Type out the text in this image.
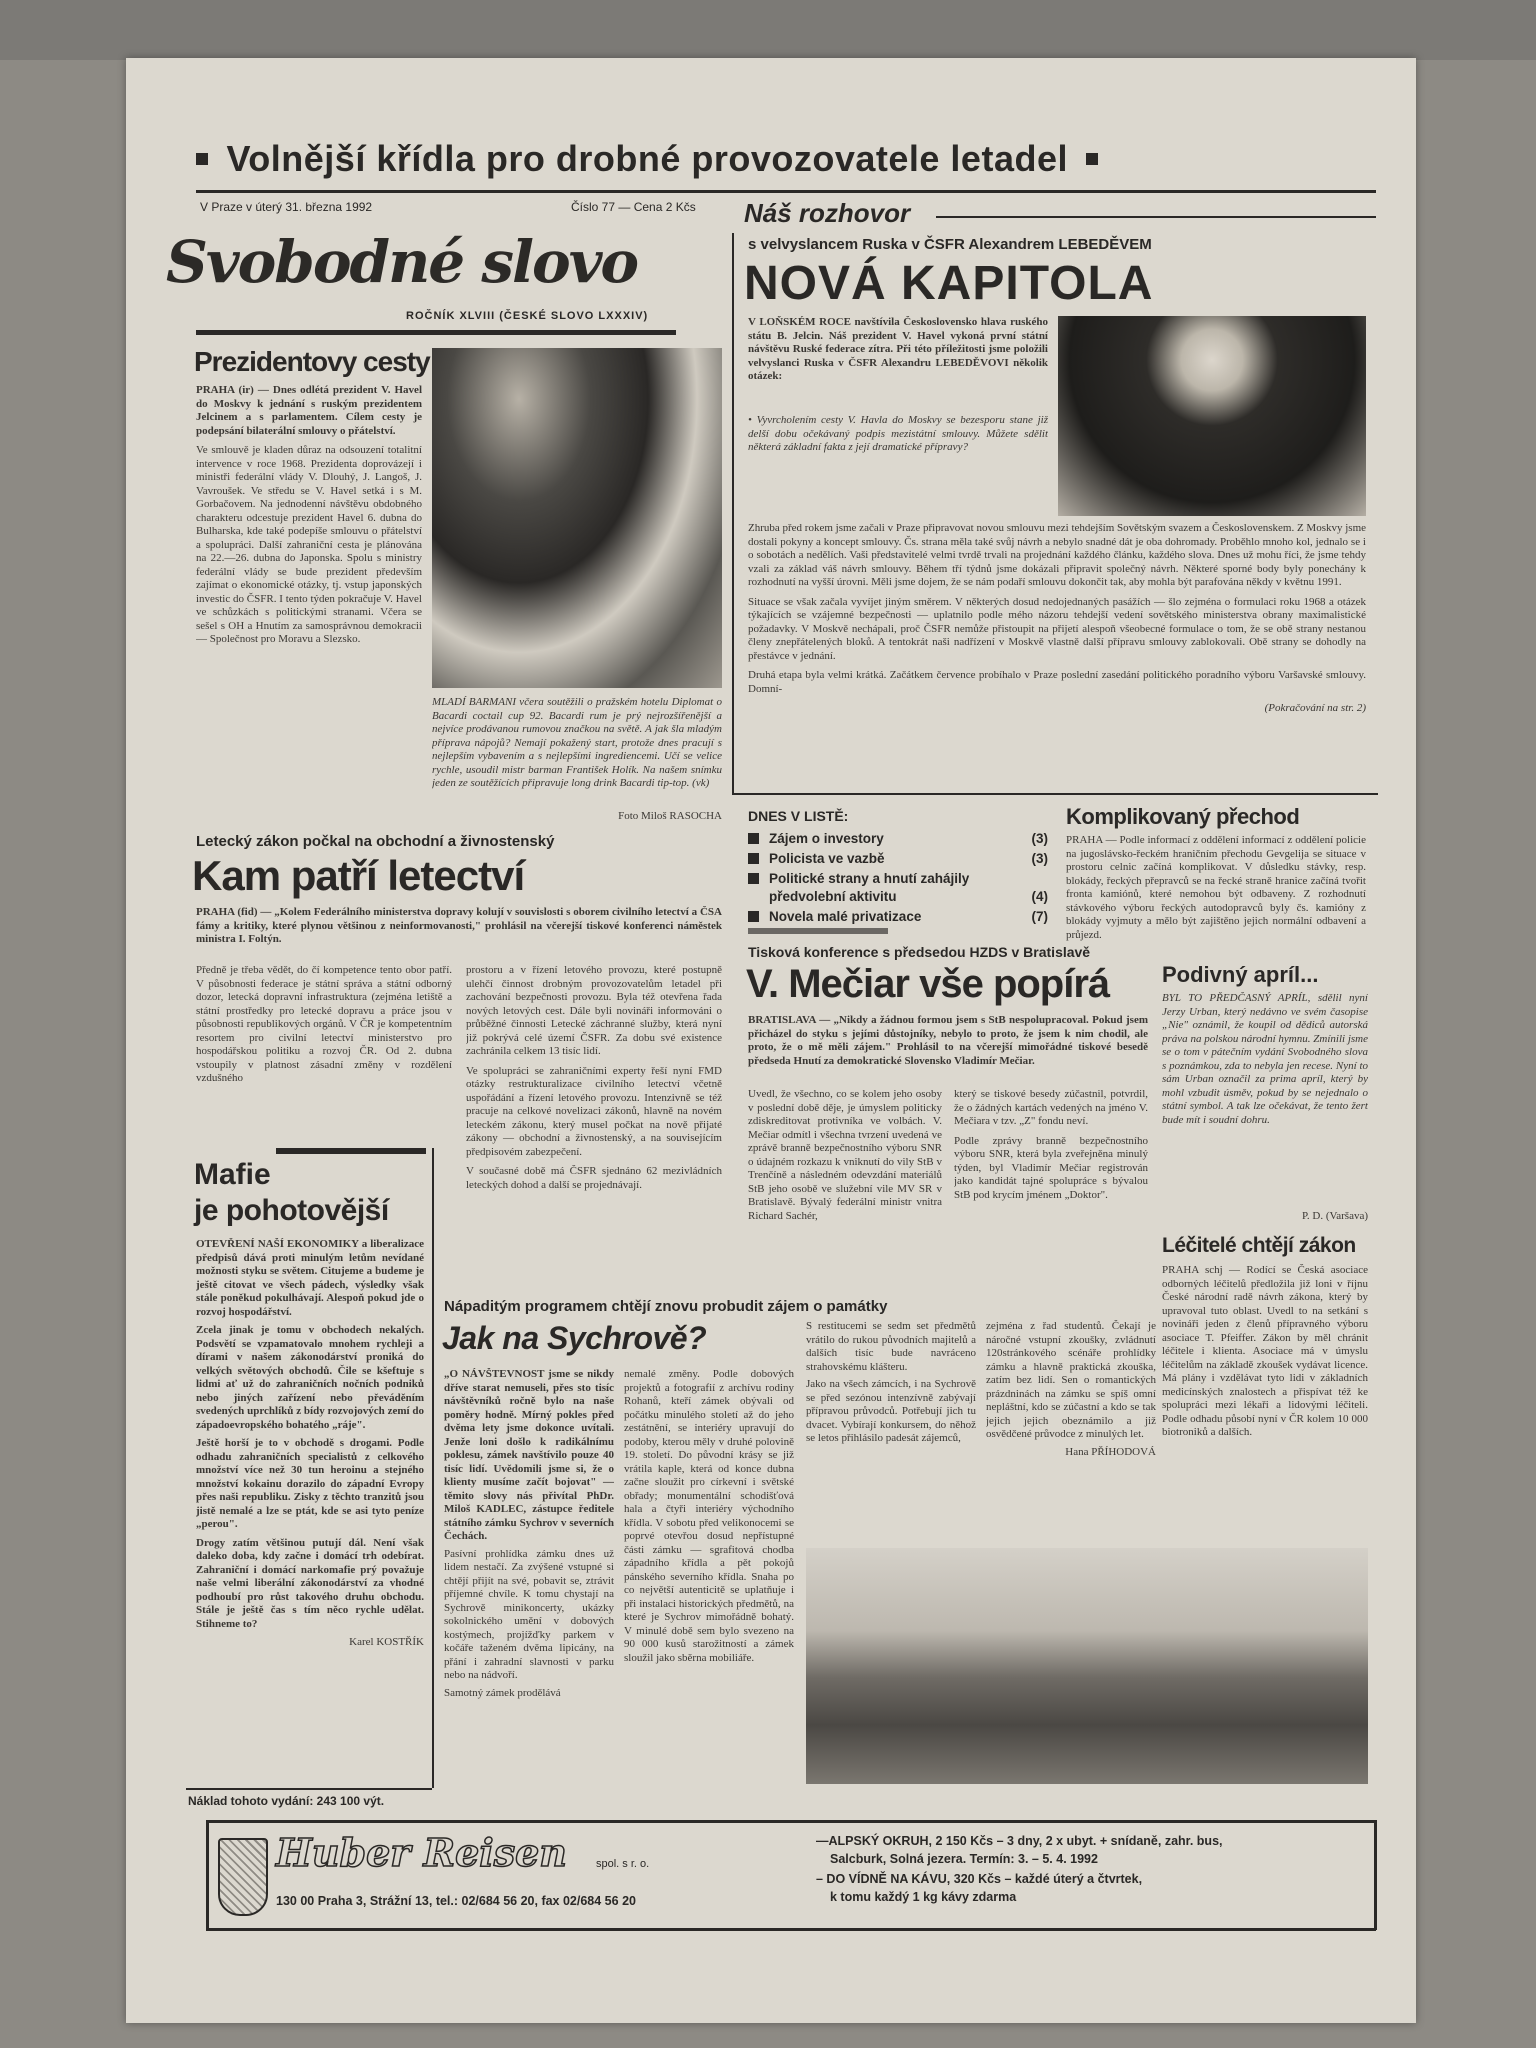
Volnější křídla pro drobné provozovatele letadel
V Praze v úterý 31. března 1992	Číslo 77 — Cena 2 Kčs
Svobodné slovo
ROČNÍK XLVIII (ČESKÉ SLOVO LXXXIV)
Náš rozhovor
s velvyslancem Ruska v ČSFR Alexandrem LEBEDĚVEM
NOVÁ KAPITOLA
V LOŇSKÉM ROCE navštívila Československo hlava ruského státu B. Jelcin. Náš prezident V. Havel vykoná první státní návštěvu Ruské federace zítra. Při této příležitosti jsme položili velvyslanci Ruska v ČSFR Alexandru LEBEDĚVOVI několik otázek:
• Vyvrcholením cesty V. Havla do Moskvy se bezesporu stane již delší dobu očekávaný podpis mezistátní smlouvy. Můžete sdělit některá základní fakta z její dramatické přípravy?
Zhruba před rokem jsme začali v Praze připravovat novou smlouvu mezi tehdejším Sovětským svazem a Československem. Z Moskvy jsme dostali pokyny a koncept smlouvy. Čs. strana měla také svůj návrh a nebylo snadné dát je oba dohromady. Proběhlo mnoho kol, jednalo se i o sobotách a nedělích. Vaši představitelé velmi tvrdě trvali na projednání každého článku, každého slova. Dnes už mohu říci, že jsme tehdy vzali za základ váš návrh smlouvy. Během tří týdnů jsme dokázali připravit společný návrh. Některé sporné body byly ponechány k rozhodnutí na vyšší úrovni. Měli jsme dojem, že se nám podaří smlouvu dokončit tak, aby mohla být parafována někdy v květnu 1991.
Situace se však začala vyvíjet jiným směrem. V některých dosud nedojednaných pasážích — šlo zejména o formulaci roku 1968 a otázek týkajících se vzájemné bezpečnosti — uplatnilo podle mého názoru tehdejší vedení sovětského ministerstva obrany maximalistické požadavky. V Moskvě nechápali, proč ČSFR nemůže přistoupit na přijetí alespoň všeobecné formulace o tom, že se obě strany nestanou členy znepřátelených bloků. A tentokrát naši nadřízení v Moskvě vlastně další přípravu smlouvy zablokovali. Obě strany se dohodly na přestávce v jednání.
Druhá etapa byla velmi krátká. Začátkem července probíhalo v Praze poslední zasedání politického poradního výboru Varšavské smlouvy. Domní-
(Pokračování na str. 2)
Prezidentovy cesty
PRAHA (ir) — Dnes odlétá prezident V. Havel do Moskvy k jednání s ruským prezidentem Jelcinem a s parlamentem. Cílem cesty je podepsání bilaterální smlouvy o přátelství.
Ve smlouvě je kladen důraz na odsouzení totalitní intervence v roce 1968. Prezidenta doprovázejí i ministři federální vlády V. Dlouhý, J. Langoš, J. Vavroušek. Ve středu se V. Havel setká i s M. Gorbačovem. Na jednodenní návštěvu obdobného charakteru odcestuje prezident Havel 6. dubna do Bulharska, kde také podepíše smlouvu o přátelství a spolupráci. Další zahraniční cesta je plánována na 22.—26. dubna do Japonska. Spolu s ministry federální vlády se bude prezident především zajímat o ekonomické otázky, tj. vstup japonských investic do ČSFR. I tento týden pokračuje V. Havel ve schůzkách s politickými stranami. Včera se sešel s OH a Hnutím za samosprávnou demokracii — Společnost pro Moravu a Slezsko.
MLADÍ BARMANI včera soutěžili o pražském hotelu Diplomat o Bacardi coctail cup 92. Bacardi rum je prý nejrozšířenější a nejvíce prodávanou rumovou značkou na světě. A jak šla mladým příprava nápojů? Nemají pokažený start, protože dnes pracují s nejlepším vybavením a s nejlepšími ingrediencemi. Učí se velice rychle, usoudil mistr barman František Holík. Na našem snímku jeden ze soutěžících připravuje long drink Bacardi tip-top. (vk)
Foto Miloš RASOCHA DNES V LISTĚ:
Zájem o investory	(3)
Policista ve vazbě	(3)
Politické strany a hnutí zahájily předvolební aktivitu	(4)
Novela malé privatizace	(7)
Komplikovaný přechod
PRAHA — Podle informací z oddělení informací z oddělení policie na jugoslávsko-řeckém hraničním přechodu Gevgelija se situace v prostoru celnic začíná komplikovat. V důsledku stávky, resp. blokády, řeckých přepravců se na řecké straně hranice začíná tvořit fronta kamiónů, které nemohou být odbaveny. Z rozhodnutí stávkového výboru řeckých autodopravců byly čs. kamióny z blokády vyjmuty a mělo být zajištěno jejich normální odbavení a průjezd.
Letecký zákon počkal na obchodní a živnostenský
Kam patří letectví
PRAHA (fid) — „Kolem Federálního ministerstva dopravy kolují v souvislosti s oborem civilního letectví a ČSA fámy a kritiky, které plynou většinou z neinformovanosti," prohlásil na včerejší tiskové konferenci náměstek ministra I. Foltýn.
Předně je třeba vědět, do čí kompetence tento obor patří. V působnosti federace je státní správa a státní odborný dozor, letecká dopravní infrastruktura (zejména letiště a státní prostředky pro letecké dopravu a práce jsou v působnosti republikových orgánů. V ČR je kompetentním resortem pro civilní letectví ministerstvo pro hospodářskou politiku a rozvoj ČR. Od 2. dubna vstoupily v platnost zásadní změny v rozdělení vzdušného
prostoru a v řízení letového provozu, které postupně ulehčí činnost drobným provozovatelům letadel při zachování bezpečnosti provozu. Byla též otevřena řada nových letových cest. Dále byli novináři informováni o průběžné činnosti Letecké záchranné služby, která nyní již pokrývá celé území ČSFR. Za dobu své existence zachránila celkem 13 tisíc lidí.
Ve spolupráci se zahraničními experty řeší nyní FMD otázky restrukturalizace civilního letectví včetně uspořádání a řízení letového provozu. Intenzivně se též pracuje na celkové novelizaci zákonů, hlavně na novém leteckém zákonu, který musel počkat na nově přijaté zákony — obchodní a živnostenský, a na souvisejícím předpisovém zabezpečení.
V současné době má ČSFR sjednáno 62 mezivládních leteckých dohod a další se projednávají.
Tisková konference s předsedou HZDS v Bratislavě
V. Mečiar vše popírá
BRATISLAVA — „Nikdy a žádnou formou jsem s StB nespolupracoval. Pokud jsem přicházel do styku s jejími důstojníky, nebylo to proto, že jsem k nim chodil, ale proto, že o mě měli zájem." Prohlásil to na včerejší mimořádné tiskové besedě předseda Hnutí za demokratické Slovensko Vladimír Mečiar.
Uvedl, že všechno, co se kolem jeho osoby v poslední době děje, je úmyslem politicky zdiskreditovat protivníka ve volbách. V. Mečiar odmítl i všechna tvrzení uvedená ve zprávě branně bezpečnostního výboru SNR o údajném rozkazu k vniknutí do vily StB v Trenčíně a následném odevzdání materiálů StB jeho osobě ve služební vile MV SR v Bratislavě. Bývalý federální ministr vnitra Richard Sachér,
který se tiskové besedy zúčastnil, potvrdil, že o žádných kartách vedených na jméno V. Mečiara v tzv. „Z" fondu neví.
Podle zprávy branně bezpečnostního výboru SNR, která byla zveřejněna minulý týden, byl Vladimír Mečiar registrován jako kandidát tajné spolupráce s bývalou StB pod krycím jménem „Doktor".
Podivný apríl...
BYL TO PŘEDČASNÝ APRÍL, sdělil nyní Jerzy Urban, který nedávno ve svém časopise „Nie" oznámil, že koupil od dědiců autorská práva na polskou národní hymnu. Zmínili jsme se o tom v pátečním vydání Svobodného slova s poznámkou, zda to nebyla jen recese. Nyní to sám Urban označil za prima apríl, který by mohl vzbudit úsměv, pokud by se nejednalo o státní symbol. A tak lze očekávat, že tento žert bude mít i soudní dohru.
P. D. (Varšava)
Léčitelé chtějí zákon
PRAHA schj — Rodící se Česká asociace odborných léčitelů předložila již loni v říjnu České národní radě návrh zákona, který by upravoval tuto oblast. Uvedl to na setkání s novináři jeden z členů přípravného výboru asociace T. Pfeiffer. Zákon by měl chránit léčitele i klienta. Asociace má v úmyslu léčitelům na základě zkoušek vydávat licence. Má plány i vzdělávat tyto lidi v základních medicínských znalostech a přispívat též ke spolupráci mezi lékaři a lidovými léčiteli. Podle odhadu působí nyní v ČR kolem 10 000 biotroniků a dalších.
Mafie
je pohotovější
OTEVŘENÍ NAŠÍ EKONOMIKY a liberalizace předpisů dává proti minulým letům nevídané možnosti styku se světem. Citujeme a budeme je ještě citovat ve všech pádech, výsledky však stále poněkud pokulhávají. Alespoň pokud jde o rozvoj hospodářství.
Zcela jinak je tomu v obchodech nekalých. Podsvětí se vzpamatovalo mnohem rychleji a dírami v našem zákonodárství proniká do velkých světových obchodů. Čile se kšeftuje s lidmi ať už do zahraničních nočních podniků nebo jiných zařízení nebo převáděním svedených uprchlíků z bídy rozvojových zemí do západoevropského bohatého „ráje".
Ještě horší je to v obchodě s drogami. Podle odhadu zahraničních specialistů z celkového množství více než 30 tun heroinu a stejného množství kokainu dorazilo do západní Evropy přes naši republiku. Zisky z těchto tranzitů jsou jistě nemalé a lze se ptát, kde se asi tyto peníze „perou".
Drogy zatím většinou putují dál. Není však daleko doba, kdy začne i domácí trh odebírat. Zahraniční i domácí narkomafie prý považuje naše velmi liberální zákonodárství za vhodné podhoubí pro růst takového druhu obchodu. Stále je ještě čas s tím něco rychle udělat. Stihneme to?
Karel KOSTŘÍK
Náklad tohoto vydání: 243 100 výt.
Nápaditým programem chtějí znovu probudit zájem o památky
Jak na Sychrově?
„O NÁVŠTEVNOST jsme se nikdy dříve starat nemuseli, přes sto tisíc návštěvníků ročně bylo na naše poměry hodně. Mírný pokles před dvěma lety jsme dokonce uvítali. Jenže loni došlo k radikálnímu poklesu, zámek navštívilo pouze 40 tisíc lidí. Uvědomili jsme si, že o klienty musíme začít bojovat" — těmito slovy nás přivítal PhDr. Miloš KADLEC, zástupce ředitele státního zámku Sychrov v severních Čechách.
Pasívní prohlídka zámku dnes už lidem nestačí. Za zvýšené vstupné si chtějí přijít na své, pobavit se, ztrávit příjemné chvíle. K tomu chystají na Sychrově minikoncerty, ukázky sokolnického umění v dobových kostýmech, projížďky parkem v kočáře taženém dvěma lipicány, na přání i zahradní slavnosti v parku nebo na nádvoří.
Samotný zámek prodělává
nemalé změny. Podle dobových projektů a fotografií z archívu rodiny Rohanů, kteří zámek obývali od počátku minulého století až do jeho zestátnění, se interiéry upravují do podoby, kterou měly v druhé polovině 19. století. Do původní krásy se již vrátila kaple, která od konce dubna začne sloužit pro církevní i světské obřady; monumentální schodišťová hala a čtyři interiéry východního křídla. V sobotu před velikonocemi se poprvé otevřou dosud nepřístupné části zámku — sgrafitová chodba západního křídla a pět pokojů pánského severního křídla. Snaha po co největší autenticitě se uplatňuje i při instalaci historických předmětů, na které je Sychrov mimořádně bohatý. V minulé době sem bylo svezeno na 90 000 kusů starožitností a zámek sloužil jako sběrna mobiliáře.
S restitucemi se sedm set předmětů vrátilo do rukou původních majitelů a dalších tisíc bude navráceno strahovskému klášteru.
Jako na všech zámcích, i na Sychrově se před sezónou intenzívně zabývají přípravou průvodců. Potřebují jich tu dvacet. Vybírají konkursem, do něhož se letos přihlásilo padesát zájemců,
zejména z řad studentů. Čekají je náročné vstupní zkoušky, zvládnutí 120stránkového scénáře prohlídky zámku a hlavně praktická zkouška, zatím bez lidí. Sen o romantických prázdninách na zámku se spíš omní nepláštní, kdo se zúčastní a kdo se tak jejich jejich obeznámilo a již osvědčené průvodce z minulých let.
Hana PŘÍHODOVÁ
Huber Reisen	spol. s r. o.
130 00 Praha 3, Strážní 13, tel.: 02/684 56 20, fax 02/684 56 20
—ALPSKÝ OKRUH, 2 150 Kčs – 3 dny, 2 x ubyt. + snídaně, zahr. bus,
Salcburk, Solná jezera. Termín: 3. – 5. 4. 1992
– DO VÍDNĚ NA KÁVU, 320 Kčs – každé úterý a čtvrtek,
k tomu každý 1 kg kávy zdarma
